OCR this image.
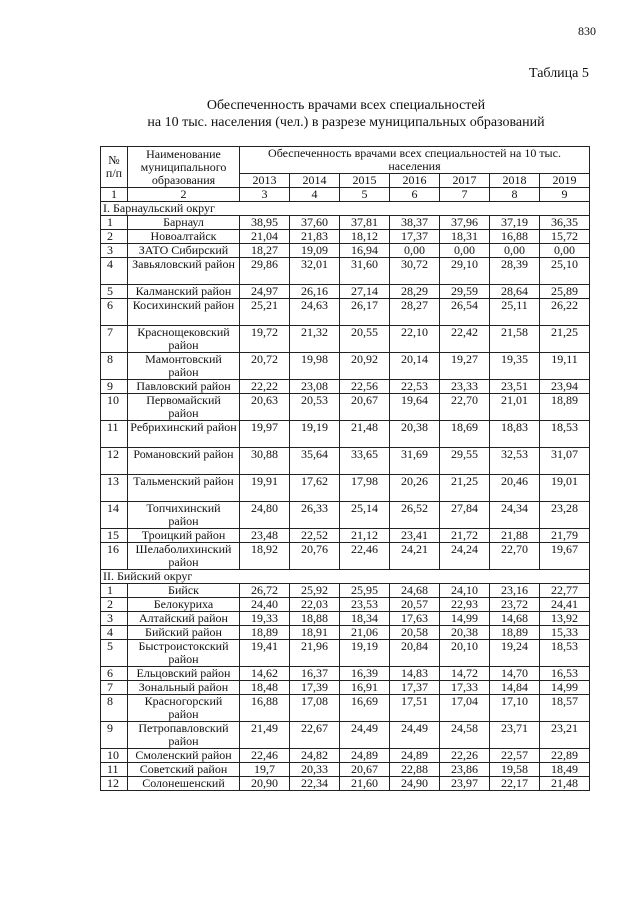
830
Таблица 5
Обеспеченность врачами всех специальностей
на 10 тыс. населения (чел.) в разрезе муниципальных образований
№ п/п	Наименование муниципального образования	Обеспеченность врачами всех специальностей на 10 тыс. населения						
		2013	2014	2015	2016	2017	2018	2019
1	2	3	4	5	6	7	8	9
I. Барнаульский округ								
1	Барнаул	38,95	37,60	37,81	38,37	37,96	37,19	36,35
2	Новоалтайск	21,04	21,83	18,12	17,37	18,31	16,88	15,72
3	ЗАТО Сибирский	18,27	19,09	16,94	0,00	0,00	0,00	0,00
4	Завьяловский район	29,86	32,01	31,60	30,72	29,10	28,39	25,10
5	Калманский район	24,97	26,16	27,14	28,29	29,59	28,64	25,89
6	Косихинский район	25,21	24,63	26,17	28,27	26,54	25,11	26,22
7	Краснощековский район	19,72	21,32	20,55	22,10	22,42	21,58	21,25
8	Мамонтовский район	20,72	19,98	20,92	20,14	19,27	19,35	19,11
9	Павловский район	22,22	23,08	22,56	22,53	23,33	23,51	23,94
10	Первомайский район	20,63	20,53	20,67	19,64	22,70	21,01	18,89
11	Ребрихинский район	19,97	19,19	21,48	20,38	18,69	18,83	18,53
12	Романовский район	30,88	35,64	33,65	31,69	29,55	32,53	31,07
13	Тальменский район	19,91	17,62	17,98	20,26	21,25	20,46	19,01
14	Топчихинский район	24,80	26,33	25,14	26,52	27,84	24,34	23,28
15	Троицкий район	23,48	22,52	21,12	23,41	21,72	21,88	21,79
16	Шелаболихинский район	18,92	20,76	22,46	24,21	24,24	22,70	19,67
II. Бийский округ								
1	Бийск	26,72	25,92	25,95	24,68	24,10	23,16	22,77
2	Белокуриха	24,40	22,03	23,53	20,57	22,93	23,72	24,41
3	Алтайский район	19,33	18,88	18,34	17,63	14,99	14,68	13,92
4	Бийский район	18,89	18,91	21,06	20,58	20,38	18,89	15,33
5	Быстроистокский район	19,41	21,96	19,19	20,84	20,10	19,24	18,53
6	Ельцовский район	14,62	16,37	16,39	14,83	14,72	14,70	16,53
7	Зональный район	18,48	17,39	16,91	17,37	17,33	14,84	14,99
8	Красногорский район	16,88	17,08	16,69	17,51	17,04	17,10	18,57
9	Петропавловский район	21,49	22,67	24,49	24,49	24,58	23,71	23,21
10	Смоленский район	22,46	24,82	24,89	24,89	22,26	22,57	22,89
11	Советский район	19,7	20,33	20,67	22,88	23,86	19,58	18,49
12	Солонешенский	20,90	22,34	21,60	24,90	23,97	22,17	21,48
